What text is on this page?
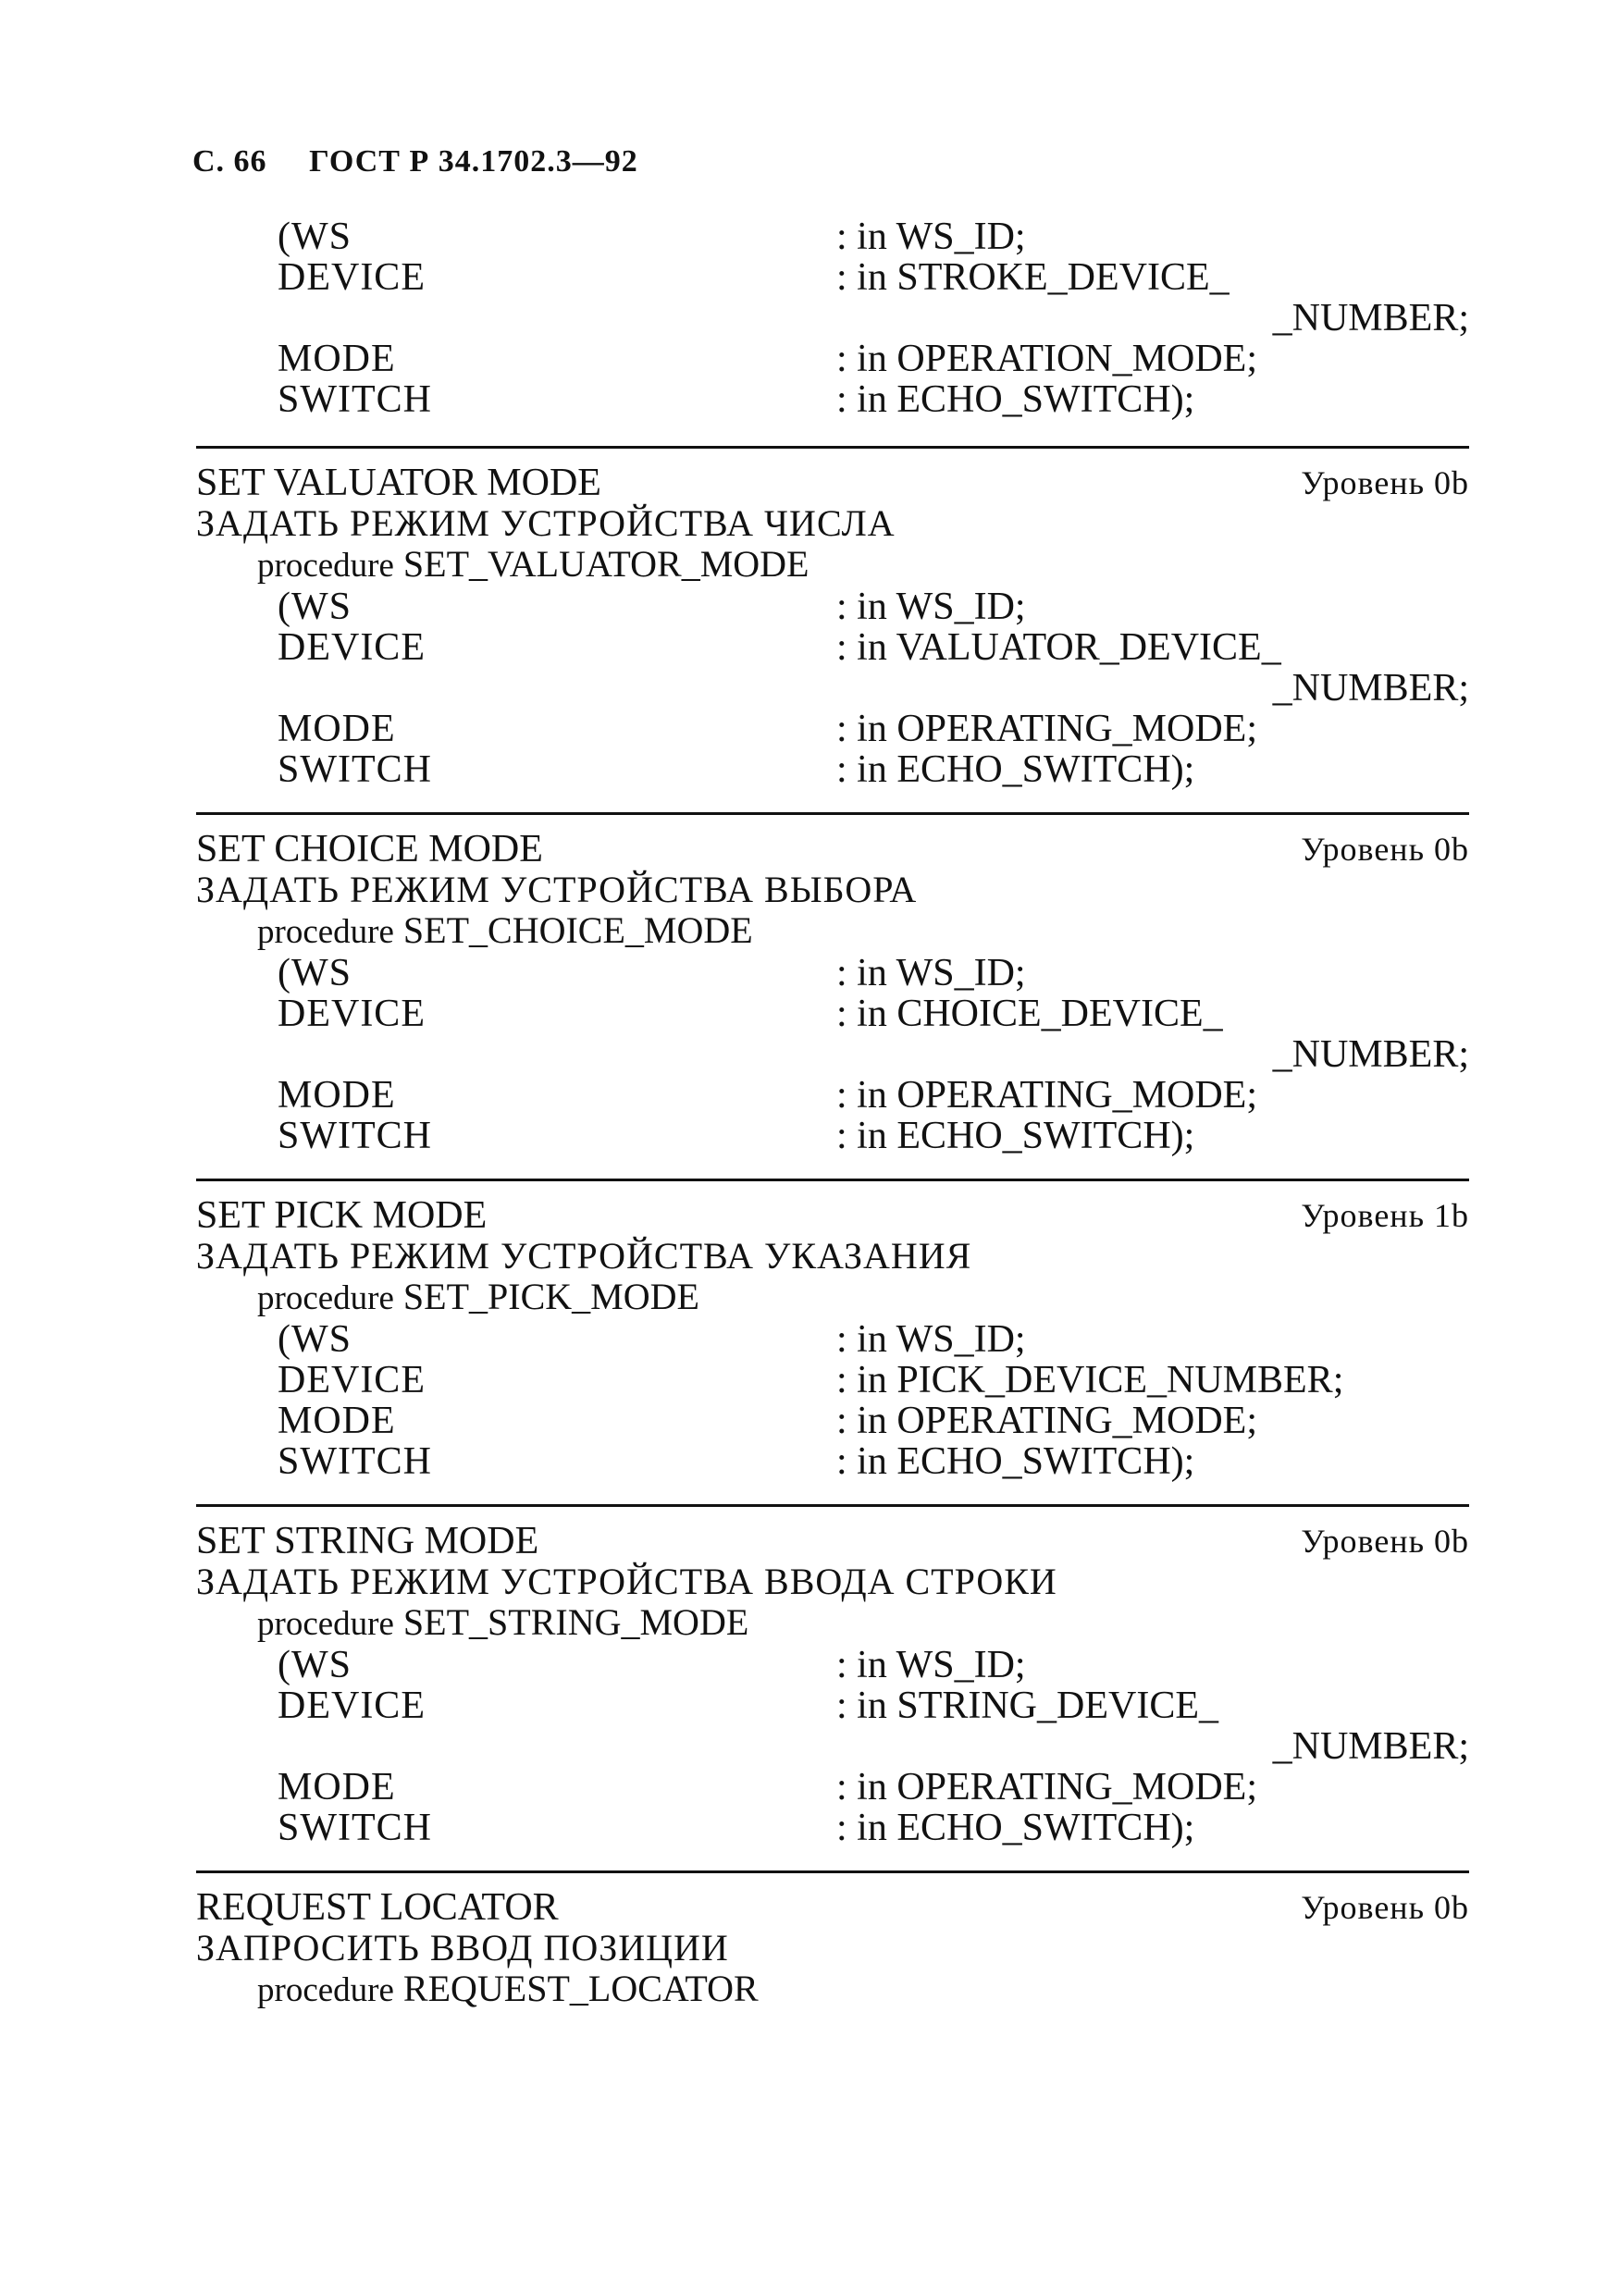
С. 66 ГОСТ Р 34.1702.3—92
(WS	: in WS_ID;
DEVICE	: in STROKE_DEVICE_
_NUMBER;
MODE	: in OPERATION_MODE;
SWITCH	: in ECHO_SWITCH);
SET VALUATOR MODE	Уровень 0b
ЗАДАТЬ РЕЖИМ УСТРОЙСТВА ЧИСЛА
procedure SET_VALUATOR_MODE
(WS	: in WS_ID;
DEVICE	: in VALUATOR_DEVICE_
_NUMBER;
MODE	: in OPERATING_MODE;
SWITCH	: in ECHO_SWITCH);
SET CHOICE MODE	Уровень 0b
ЗАДАТЬ РЕЖИМ УСТРОЙСТВА ВЫБОРА
procedure SET_CHOICE_MODE
(WS	: in WS_ID;
DEVICE	: in CHOICE_DEVICE_
_NUMBER;
MODE	: in OPERATING_MODE;
SWITCH	: in ECHO_SWITCH);
SET PICK MODE	Уровень 1b
ЗАДАТЬ РЕЖИМ УСТРОЙСТВА УКАЗАНИЯ
procedure SET_PICK_MODE
(WS	: in WS_ID;
DEVICE	: in PICK_DEVICE_NUMBER;
MODE	: in OPERATING_MODE;
SWITCH	: in ECHO_SWITCH);
SET STRING MODE	Уровень 0b
ЗАДАТЬ РЕЖИМ УСТРОЙСТВА ВВОДА СТРОКИ
procedure SET_STRING_MODE
(WS	: in WS_ID;
DEVICE	: in STRING_DEVICE_
_NUMBER;
MODE	: in OPERATING_MODE;
SWITCH	: in ECHO_SWITCH);
REQUEST LOCATOR	Уровень 0b
ЗАПРОСИТЬ ВВОД ПОЗИЦИИ
procedure REQUEST_LOCATOR
